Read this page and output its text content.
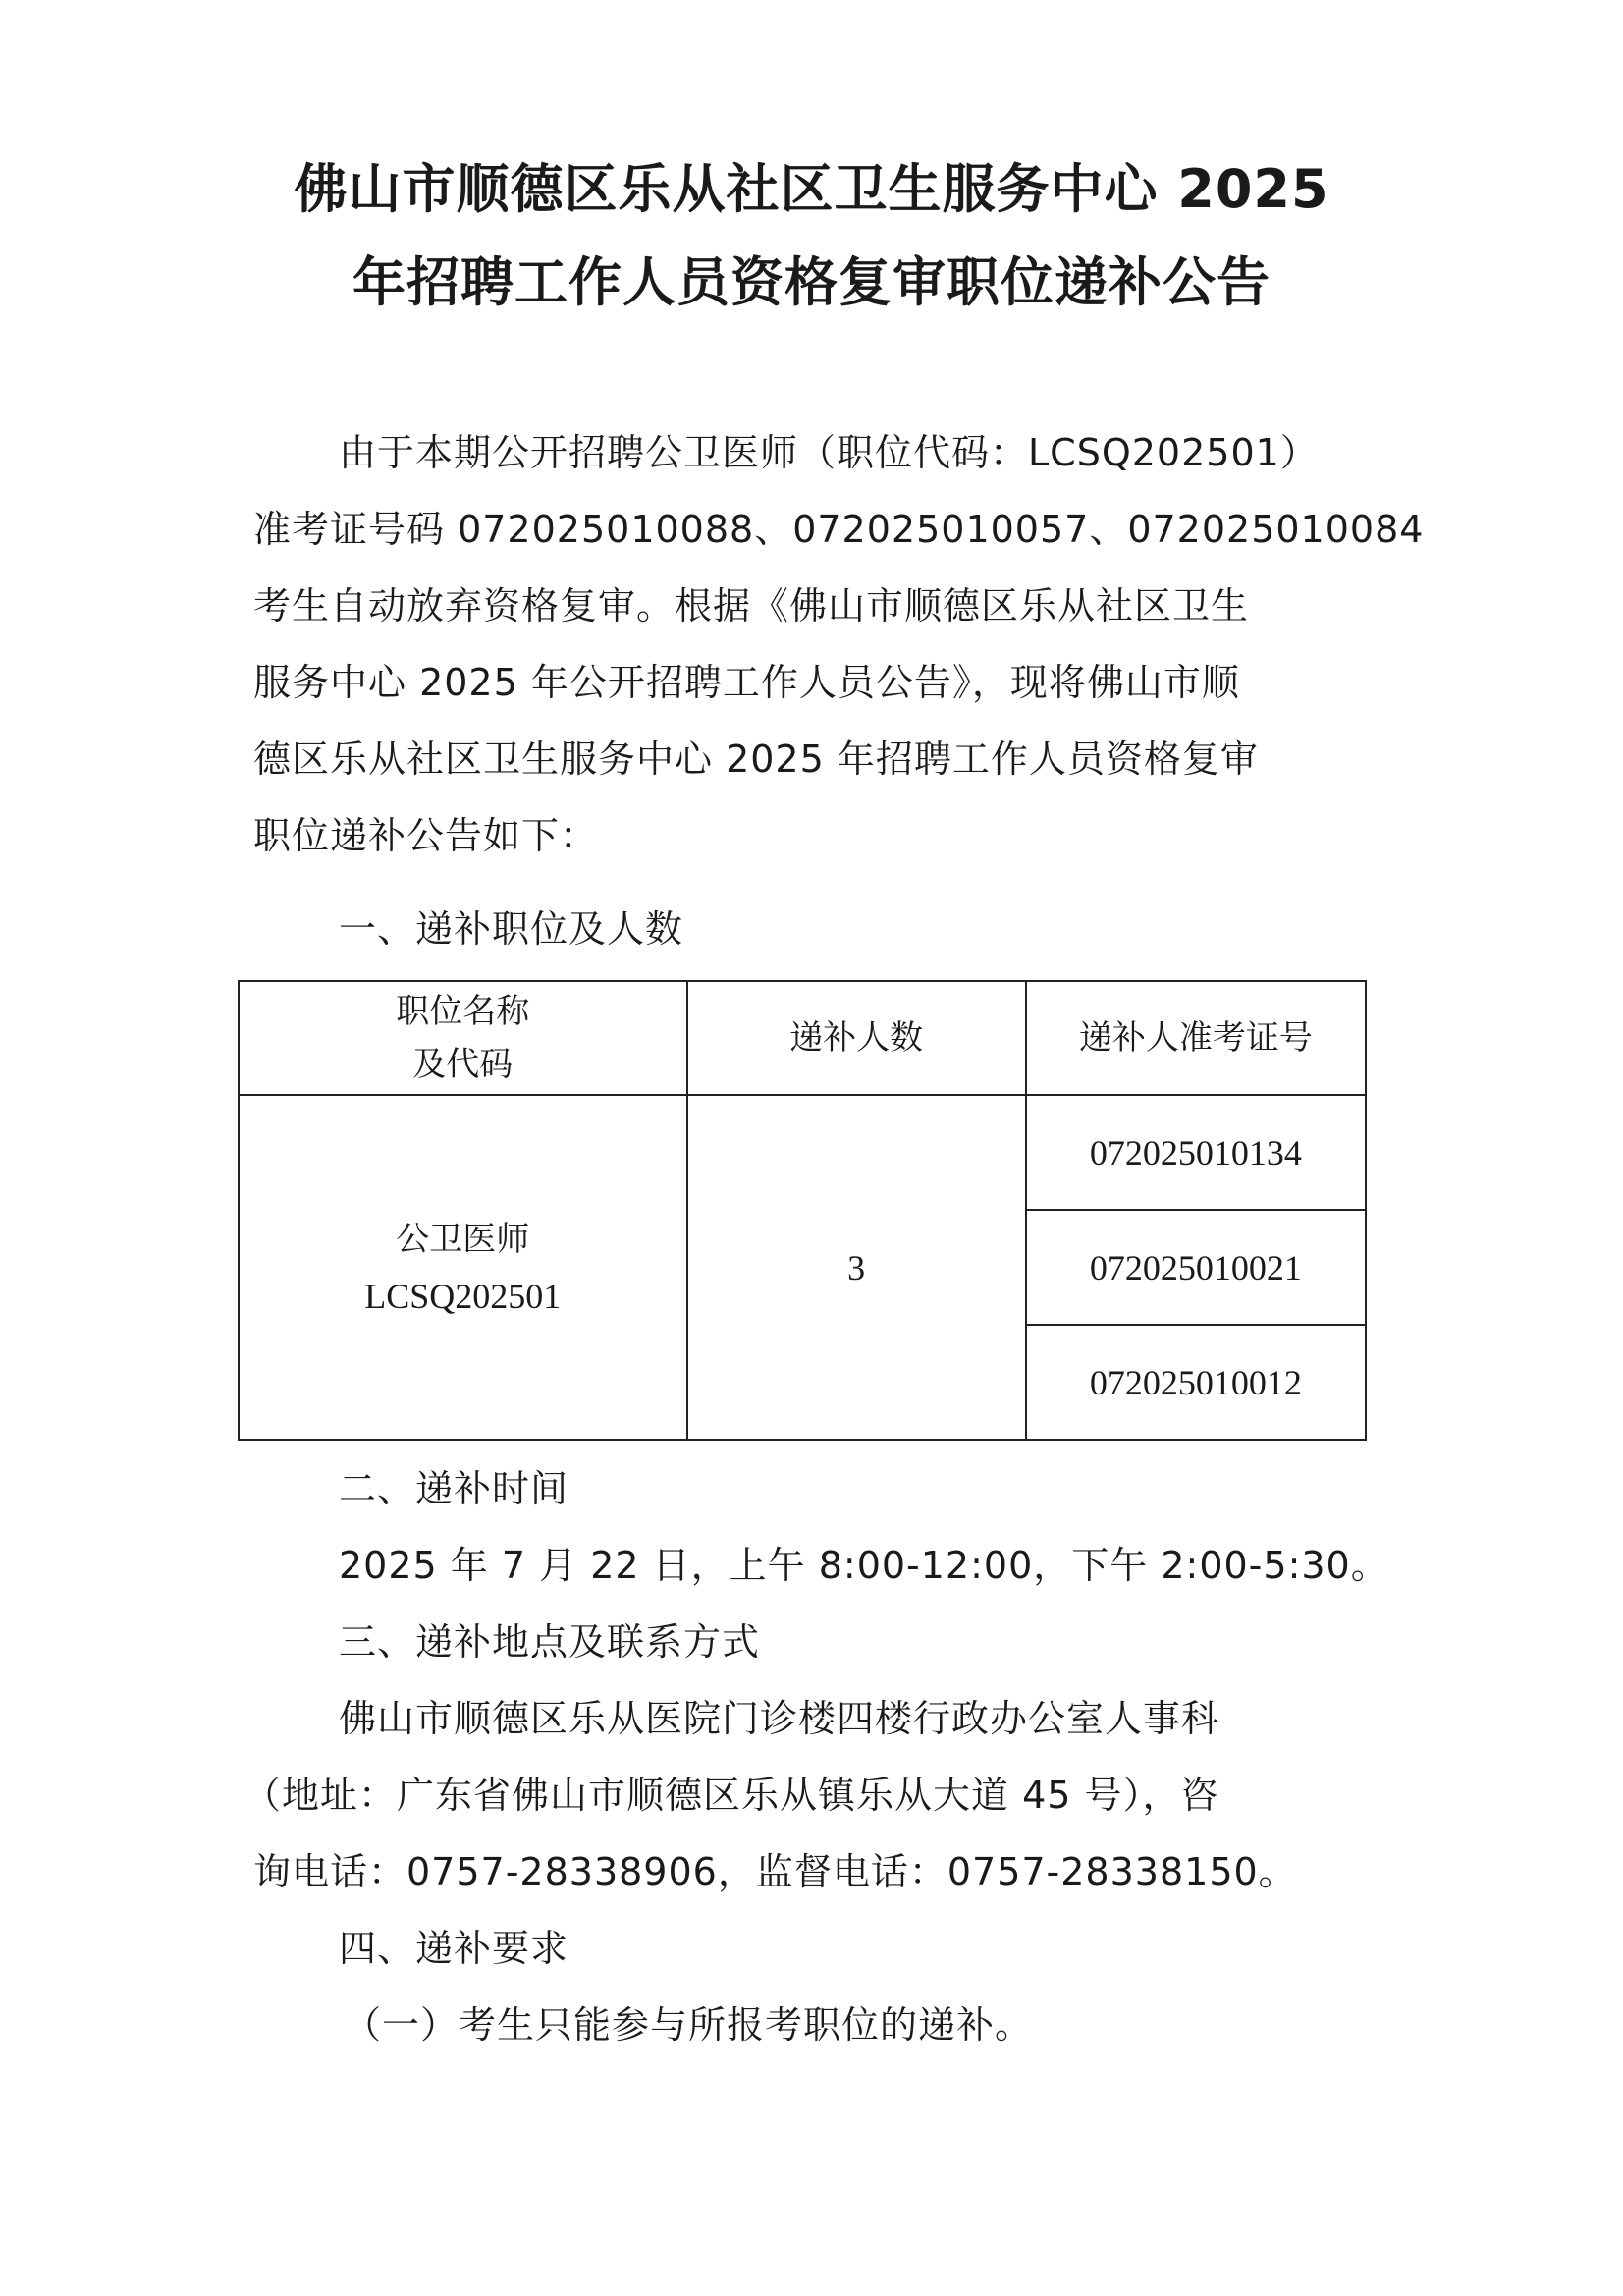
佛山市顺德区乐从社区卫生服务中心 2025
年招聘工作人员资格复审职位递补公告
由于本期公开招聘公卫医师（职位代码：LCSQ202501）
准考证号码 072025010088、072025010057、072025010084
考生自动放弃资格复审。根据《佛山市顺德区乐从社区卫生
服务中心 2025 年公开招聘工作人员公告》，现将佛山市顺
德区乐从社区卫生服务中心 2025 年招聘工作人员资格复审
职位递补公告如下：
一、递补职位及人数
职位名称
及代码	递补人数	递补人准考证号

公卫医师
LCSQ202501	3	072025010134
		072025010021
		072025010012
二、递补时间
2025 年 7 月 22 日，上午 8:00-12:00，下午 2:00-5:30。
三、递补地点及联系方式
佛山市顺德区乐从医院门诊楼四楼行政办公室人事科
（地址：广东省佛山市顺德区乐从镇乐从大道 45 号），咨
询电话：0757-28338906，监督电话：0757-28338150。
四、递补要求
（一）考生只能参与所报考职位的递补。
